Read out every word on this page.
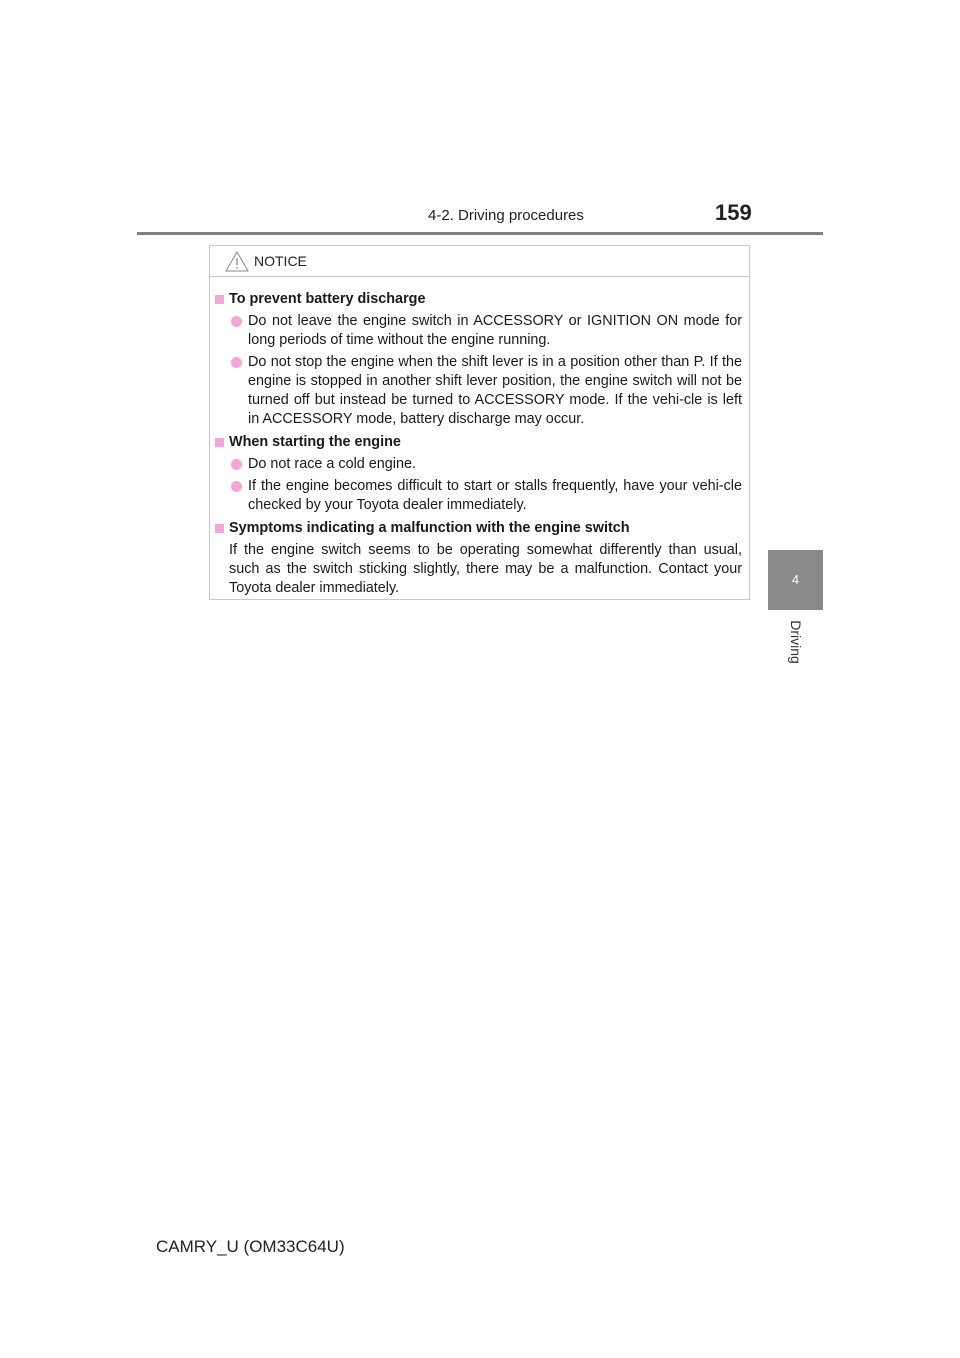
4-2. Driving procedures	159
4
Driving
NOTICE
To prevent battery discharge
Do not leave the engine switch in ACCESSORY or IGNITION ON mode for long periods of time without the engine running.
Do not stop the engine when the shift lever is in a position other than P. If the engine is stopped in another shift lever position, the engine switch will not be turned off but instead be turned to ACCESSORY mode. If the vehi-cle is left in ACCESSORY mode, battery discharge may occur.
When starting the engine
Do not race a cold engine.
If the engine becomes difficult to start or stalls frequently, have your vehi-cle checked by your Toyota dealer immediately.
Symptoms indicating a malfunction with the engine switch
If the engine switch seems to be operating somewhat differently than usual, such as the switch sticking slightly, there may be a malfunction. Contact your Toyota dealer immediately.
CAMRY_U (OM33C64U)
